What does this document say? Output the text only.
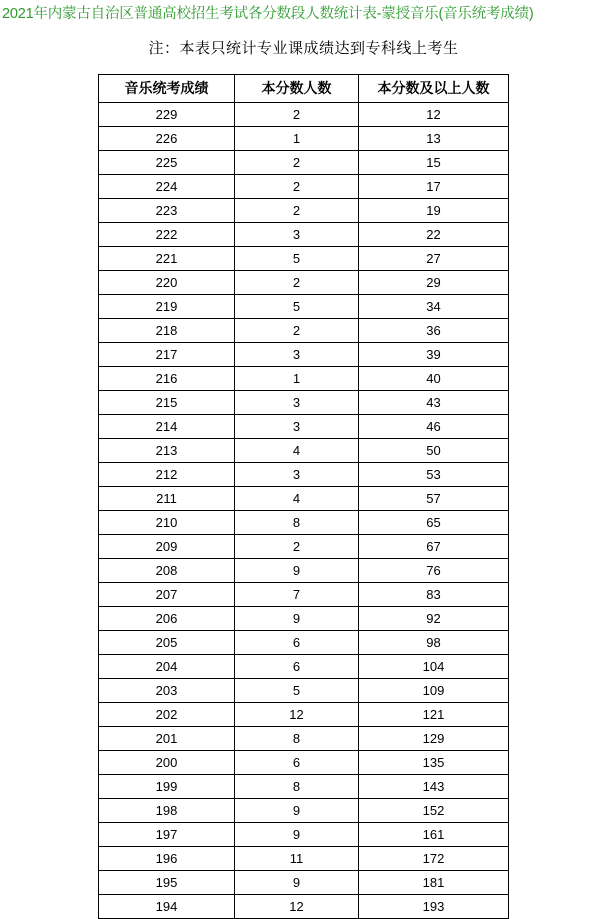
2021年内蒙古自治区普通高校招生考试各分数段人数统计表-蒙授音乐(音乐统考成绩)
注：本表只统计专业课成绩达到专科线上考生
音乐统考成绩	本分数人数	本分数及以上人数
229	2	12
226	1	13
225	2	15
224	2	17
223	2	19
222	3	22
221	5	27
220	2	29
219	5	34
218	2	36
217	3	39
216	1	40
215	3	43
214	3	46
213	4	50
212	3	53
211	4	57
210	8	65
209	2	67
208	9	76
207	7	83
206	9	92
205	6	98
204	6	104
203	5	109
202	12	121
201	8	129
200	6	135
199	8	143
198	9	152
197	9	161
196	11	172
195	9	181
194	12	193
